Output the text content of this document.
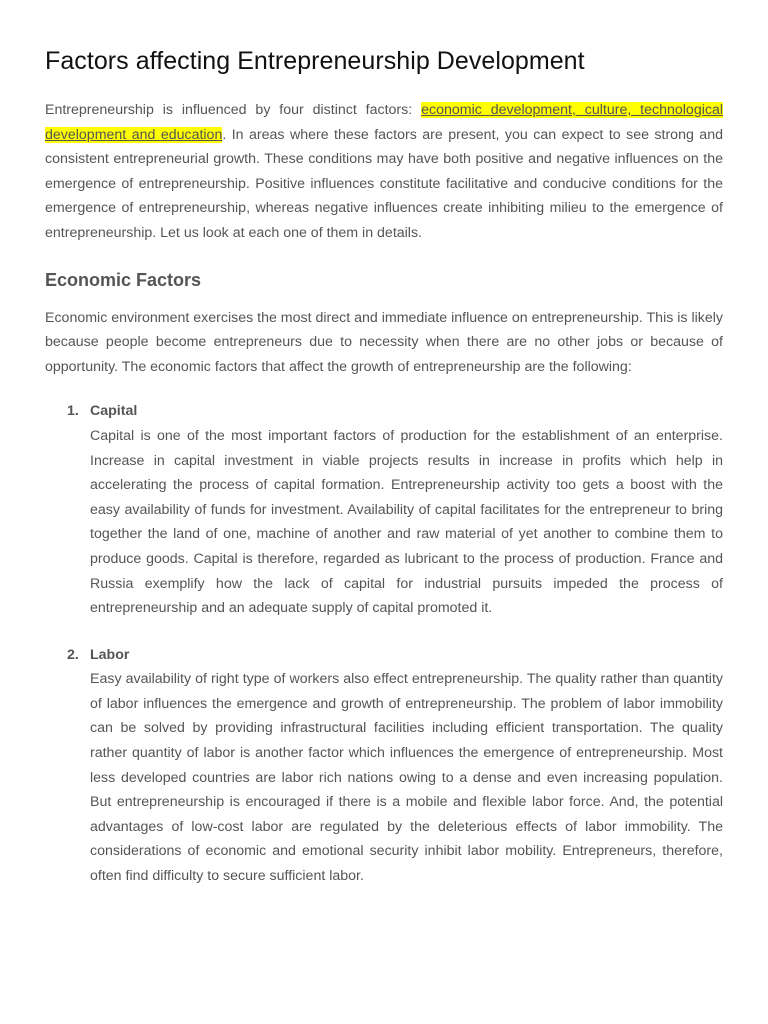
Factors affecting Entrepreneurship Development

Entrepreneurship is influenced by four distinct factors: economic development, culture, technological development and education. In areas where these factors are present, you can expect to see strong and consistent entrepreneurial growth. These conditions may have both positive and negative influences on the emergence of entrepreneurship. Positive influences constitute facilitative and conducive conditions for the emergence of entrepreneurship, whereas negative influences create inhibiting milieu to the emergence of entrepreneurship. Let us look at each one of them in details.

Economic Factors

Economic environment exercises the most direct and immediate influence on entrepreneurship. This is likely because people become entrepreneurs due to necessity when there are no other jobs or because of opportunity. The economic factors that affect the growth of entrepreneurship are the following:

1. Capital

Capital is one of the most important factors of production for the establishment of an enterprise. Increase in capital investment in viable projects results in increase in profits which help in accelerating the process of capital formation. Entrepreneurship activity too gets a boost with the easy availability of funds for investment. Availability of capital facilitates for the entrepreneur to bring together the land of one, machine of another and raw material of yet another to combine them to produce goods. Capital is therefore, regarded as lubricant to the process of production. France and Russia exemplify how the lack of capital for industrial pursuits impeded the process of entrepreneurship and an adequate supply of capital promoted it.

2. Labor

Easy availability of right type of workers also effect entrepreneurship. The quality rather than quantity of labor influences the emergence and growth of entrepreneurship. The problem of labor immobility can be solved by providing infrastructural facilities including efficient transportation. The quality rather quantity of labor is another factor which influences the emergence of entrepreneurship. Most less developed countries are labor rich nations owing to a dense and even increasing population. But entrepreneurship is encouraged if there is a mobile and flexible labor force. And, the potential advantages of low-cost labor are regulated by the deleterious effects of labor immobility. The considerations of economic and emotional security inhibit labor mobility. Entrepreneurs, therefore, often find difficulty to secure sufficient labor.
